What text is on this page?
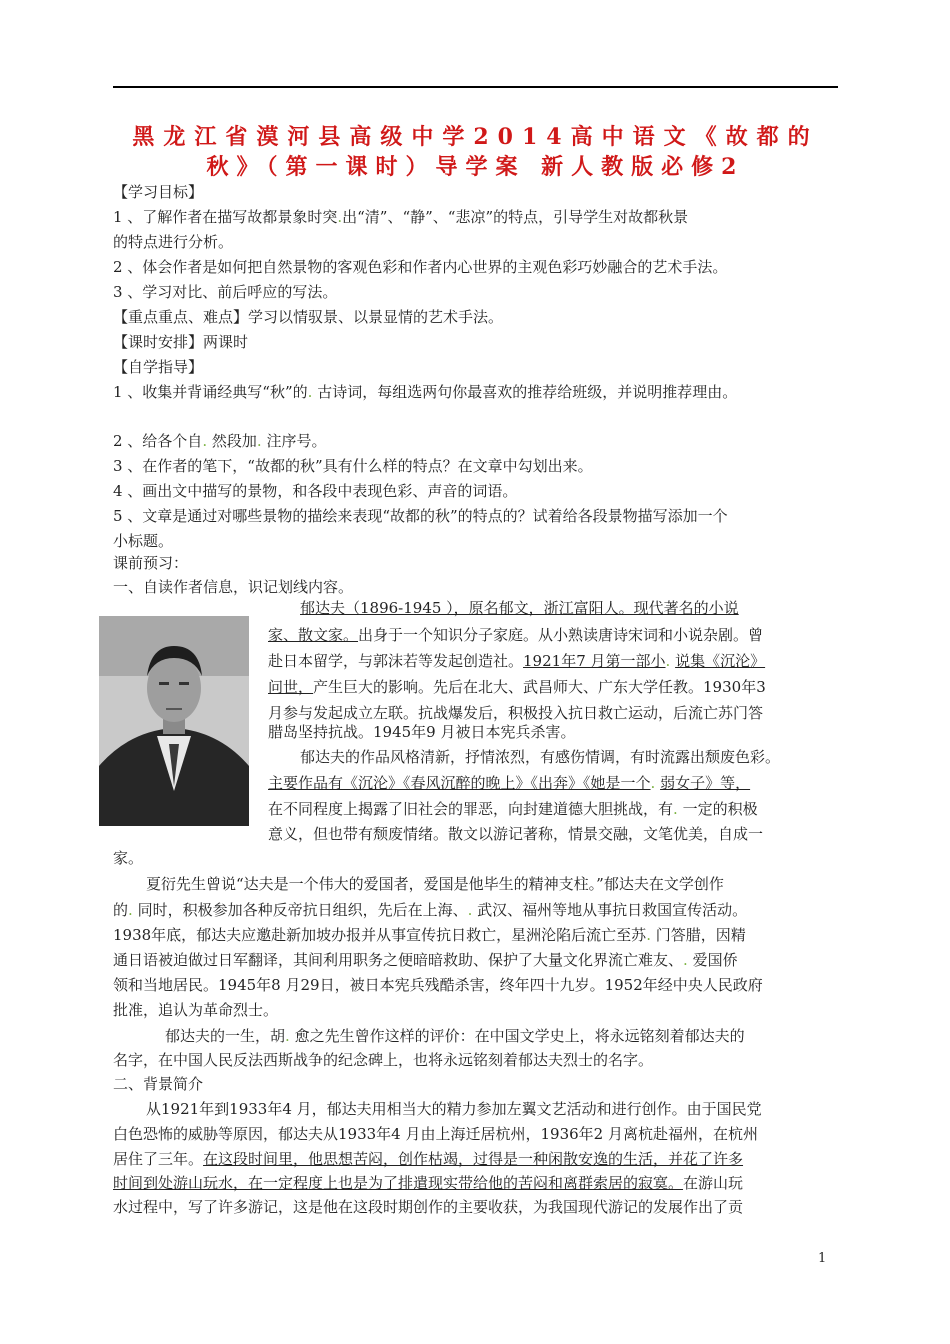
黑龙江省漠河县高级中学2014高中语文《故都的
秋》（第一课时）导学案 新人教版必修2
【学习目标】
1 、了解作者在描写故都景象时突.出“清”、“静”、“悲凉”的特点，引导学生对故都秋景
的特点进行分析。
2 、体会作者是如何把自然景物的客观色彩和作者内心世界的主观色彩巧妙融合的艺术手法。
3 、学习对比、前后呼应的写法。
【重点重点、难点】学习以情驭景、以景显情的艺术手法。
【课时安排】两课时
【自学指导】
1 、收集并背诵经典写“秋”的. 古诗词，每组选两句你最喜欢的推荐给班级，并说明推荐理由。
2 、给各个自. 然段加. 注序号。
3 、在作者的笔下，“故都的秋”具有什么样的特点？在文章中勾划出来。
4 、画出文中描写的景物，和各段中表现色彩、声音的词语。
5 、文章是通过对哪些景物的描绘来表现“故都的秋”的特点的？试着给各段景物描写添加一个
小标题。
课前预习：
一、自读作者信息，识记划线内容。
郁达夫（1896-1945 ），原名郁文，浙江富阳人。现代著名的小说
家、散文家。出身于一个知识分子家庭。从小熟读唐诗宋词和小说杂剧。曾
赴日本留学，与郭沫若等发起创造社。1921年7 月第一部小. 说集《沉沦》
问世，产生巨大的影响。先后在北大、武昌师大、广东大学任教。1930年3
月参与发起成立左联。抗战爆发后，积极投入抗日救亡运动，后流亡苏门答
腊岛坚持抗战。1945年9 月被日本宪兵杀害。
郁达夫的作品风格清新，抒情浓烈，有感伤情调，有时流露出颓废色彩。
主要作品有《沉沦》《春风沉醉的晚上》《出奔》《她是一个. 弱女子》等，
在不同程度上揭露了旧社会的罪恶，向封建道德大胆挑战，有. 一定的积极
意义，但也带有颓废情绪。散文以游记著称，情景交融，文笔优美，自成一
家。
夏衍先生曾说“达夫是一个伟大的爱国者，爱国是他毕生的精神支柱。”郁达夫在文学创作
的. 同时，积极参加各种反帝抗日组织，先后在上海、. 武汉、福州等地从事抗日救国宣传活动。
1938年底，郁达夫应邀赴新加坡办报并从事宣传抗日救亡，星洲沦陷后流亡至苏. 门答腊，因精
通日语被迫做过日军翻译，其间利用职务之便暗暗救助、保护了大量文化界流亡难友、. 爱国侨
领和当地居民。1945年8 月29日，被日本宪兵残酷杀害，终年四十九岁。1952年经中央人民政府
批准，追认为革命烈士。
郁达夫的一生，胡. 愈之先生曾作这样的评价：在中国文学史上，将永远铭刻着郁达夫的
名字，在中国人民反法西斯战争的纪念碑上，也将永远铭刻着郁达夫烈士的名字。
二、背景简介
从1921年到1933年4 月，郁达夫用相当大的精力参加左翼文艺活动和进行创作。由于国民党
白色恐怖的威胁等原因，郁达夫从1933年4 月由上海迁居杭州，1936年2 月离杭赴福州，在杭州
居住了三年。在这段时间里，他思想苦闷，创作枯竭，过得是一种闲散安逸的生活，并花了许多
时间到处游山玩水，在一定程度上也是为了排遣现实带给他的苦闷和离群索居的寂寞。在游山玩
水过程中，写了许多游记，这是他在这段时期创作的主要收获，为我国现代游记的发展作出了贡
1
